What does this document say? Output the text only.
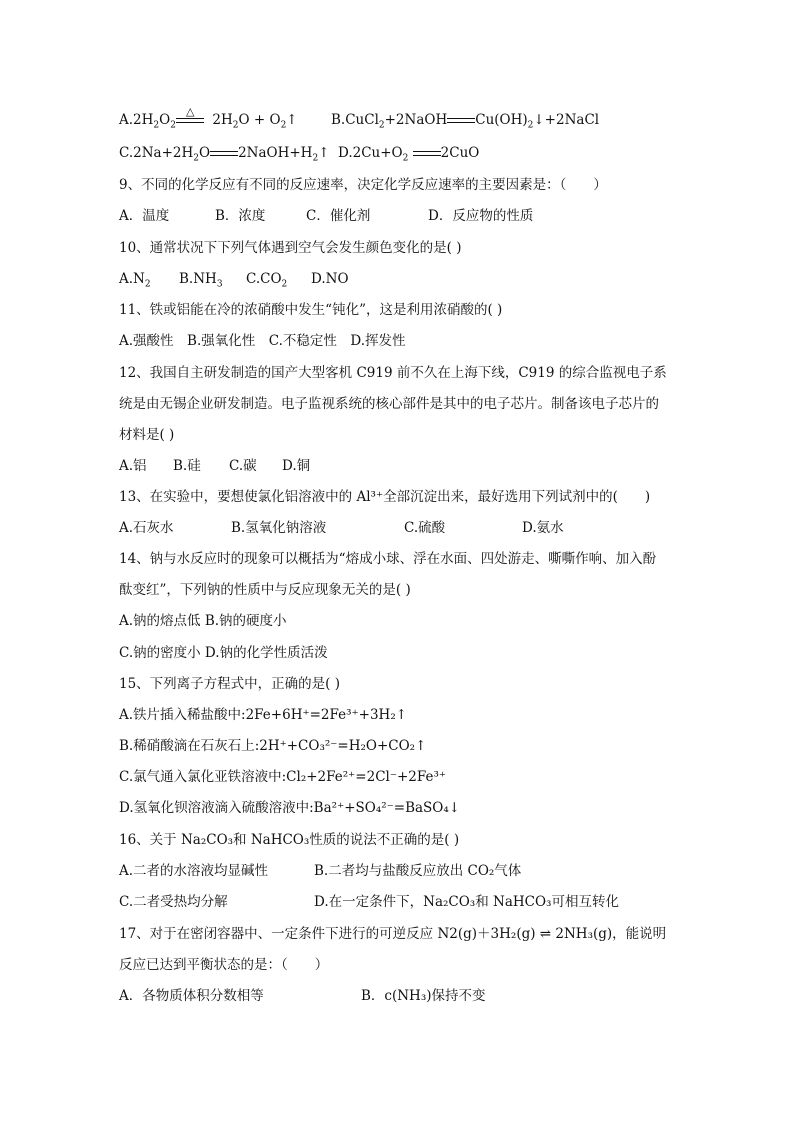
$A.2H_2O_2^\triangle 2H_2O$ + $O_2↑$ B.CuCl$_2$+2NaOH $Cu(OH)_2↓+2NaCl$
$C.2Na+2H_2O$ $2NaOH+H_2↑$ $D.2Cu+O_2$ 2CuO
9、不同的化学反应有不同的反应速率，决定化学反应速率的主要因素是：（　　）
A．温度	B．浓度	C．催化剂	D．反应物的性质
10、通常状况下下列气体遇到空气会发生颜色变化的是( )
$A.N_2$ $B.NH_3$ $C.CO_2$ D.NO
11、铁或铝能在冷的浓硝酸中发生“钝化”，这是利用浓硝酸的( )
A.强酸性　B.强氧化性　C.不稳定性　D.挥发性
12、我国自主研发制造的国产大型客机 C919 前不久在上海下线，C919 的综合监视电子系
统是由无锡企业研发制造。电子监视系统的核心部件是其中的电子芯片。制备该电子芯片的
材料是( )
A.铝 B.硅 C.碳 D.铜
13、在实验中，要想使氯化铝溶液中的 Al³⁺全部沉淀出来，最好选用下列试剂中的(　　)
A.石灰水	B.氢氧化钠溶液	C.硫酸	D.氨水
14、钠与水反应时的现象可以概括为“熔成小球、浮在水面、四处游走、嘶嘶作响、加入酚
酞变红”，下列钠的性质中与反应现象无关的是( )
A.钠的熔点低 B.钠的硬度小
C.钠的密度小 D.钠的化学性质活泼
15、下列离子方程式中，正确的是( )
A.铁片插入稀盐酸中:2Fe+6H⁺=2Fe³⁺+3H₂↑
B.稀硝酸滴在石灰石上:2H⁺+CO₃²⁻=H₂O+CO₂↑
C.氯气通入氯化亚铁溶液中:Cl₂+2Fe²⁺=2Cl⁻+2Fe³⁺
D.氢氧化钡溶液滴入硫酸溶液中:Ba²⁺+SO₄²⁻=BaSO₄↓
16、关于 Na₂CO₃和 NaHCO₃性质的说法不正确的是( )
A.二者的水溶液均显碱性	B.二者均与盐酸反应放出 CO₂气体
C.二者受热均分解	D.在一定条件下，Na₂CO₃和 NaHCO₃可相互转化
17、对于在密闭容器中、一定条件下进行的可逆反应 N2(g)＋3H₂(g) ⇌ 2NH₃(g)，能说明
反应已达到平衡状态的是：（　　）
A．各物质体积分数相等	B．c(NH₃)保持不变
